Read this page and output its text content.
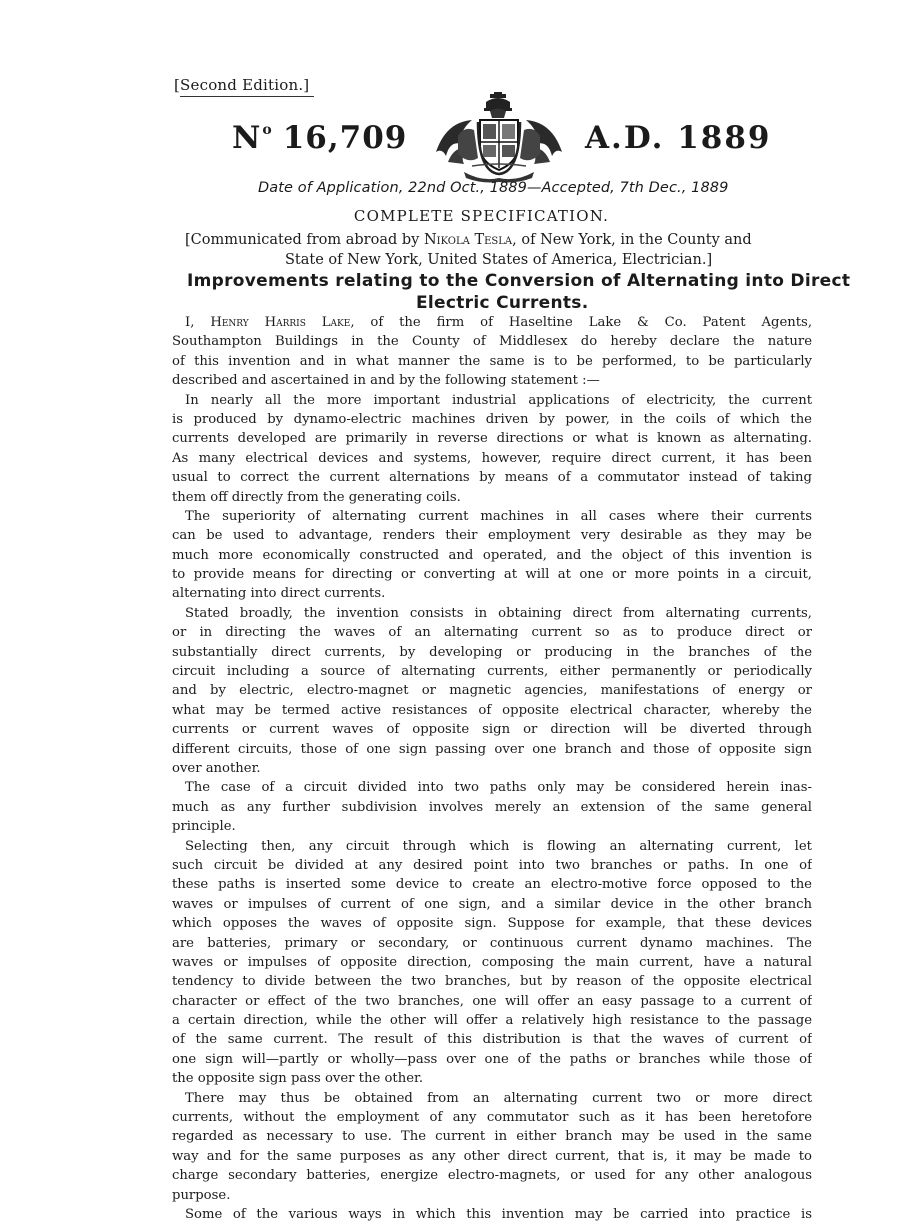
[Second Edition.]
$N^o$ 16,709	A.D. 1889
Date of Application, 22nd Oct., 1889—Accepted, 7th Dec., 1889
COMPLETE SPECIFICATION.
[Communicated from abroad by Nikola Tesla, of New York, in the County and
State of New York, United States of America, Electrician.]
Improvements relating to the Conversion of Alternating into Direct
Electric Currents.
I, Henry Harris Lake, of the firm of Haseltine Lake & Co. Patent Agents,
Southampton Buildings in the County of Middlesex do hereby declare the nature
of this invention and in what manner the same is to be performed, to be particularly
described and ascertained in and by the following statement :—
In nearly all the more important industrial applications of electricity, the current
is produced by dynamo-electric machines driven by power, in the coils of which the
currents developed are primarily in reverse directions or what is known as alternating.
As many electrical devices and systems, however, require direct current, it has been
usual to correct the current alternations by means of a commutator instead of taking
them off directly from the generating coils.
The superiority of alternating current machines in all cases where their currents
can be used to advantage, renders their employment very desirable as they may be
much more economically constructed and operated, and the object of this invention is
to provide means for directing or converting at will at one or more points in a circuit,
alternating into direct currents.
Stated broadly, the invention consists in obtaining direct from alternating currents,
or in directing the waves of an alternating current so as to produce direct or
substantially direct currents, by developing or producing in the branches of the
circuit including a source of alternating currents, either permanently or periodically
and by electric, electro-magnet or magnetic agencies, manifestations of energy or
what may be termed active resistances of opposite electrical character, whereby the
currents or current waves of opposite sign or direction will be diverted through
different circuits, those of one sign passing over one branch and those of opposite sign
over another.
The case of a circuit divided into two paths only may be considered herein inas-
much as any further subdivision involves merely an extension of the same general
principle.
Selecting then, any circuit through which is flowing an alternating current, let
such circuit be divided at any desired point into two branches or paths. In one of
these paths is inserted some device to create an electro-motive force opposed to the
waves or impulses of current of one sign, and a similar device in the other branch
which opposes the waves of opposite sign. Suppose for example, that these devices
are batteries, primary or secondary, or continuous current dynamo machines. The
waves or impulses of opposite direction, composing the main current, have a natural
tendency to divide between the two branches, but by reason of the opposite electrical
character or effect of the two branches, one will offer an easy passage to a current of
a certain direction, while the other will offer a relatively high resistance to the passage
of the same current. The result of this distribution is that the waves of current of
one sign will—partly or wholly—pass over one of the paths or branches while those of
the opposite sign pass over the other.
There may thus be obtained from an alternating current two or more direct
currents, without the employment of any commutator such as it has been heretofore
regarded as necessary to use. The current in either branch may be used in the same
way and for the same purposes as any other direct current, that is, it may be made to
charge secondary batteries, energize electro-magnets, or used for any other analogous
purpose.
Some of the various ways in which this invention may be carried into practice is
